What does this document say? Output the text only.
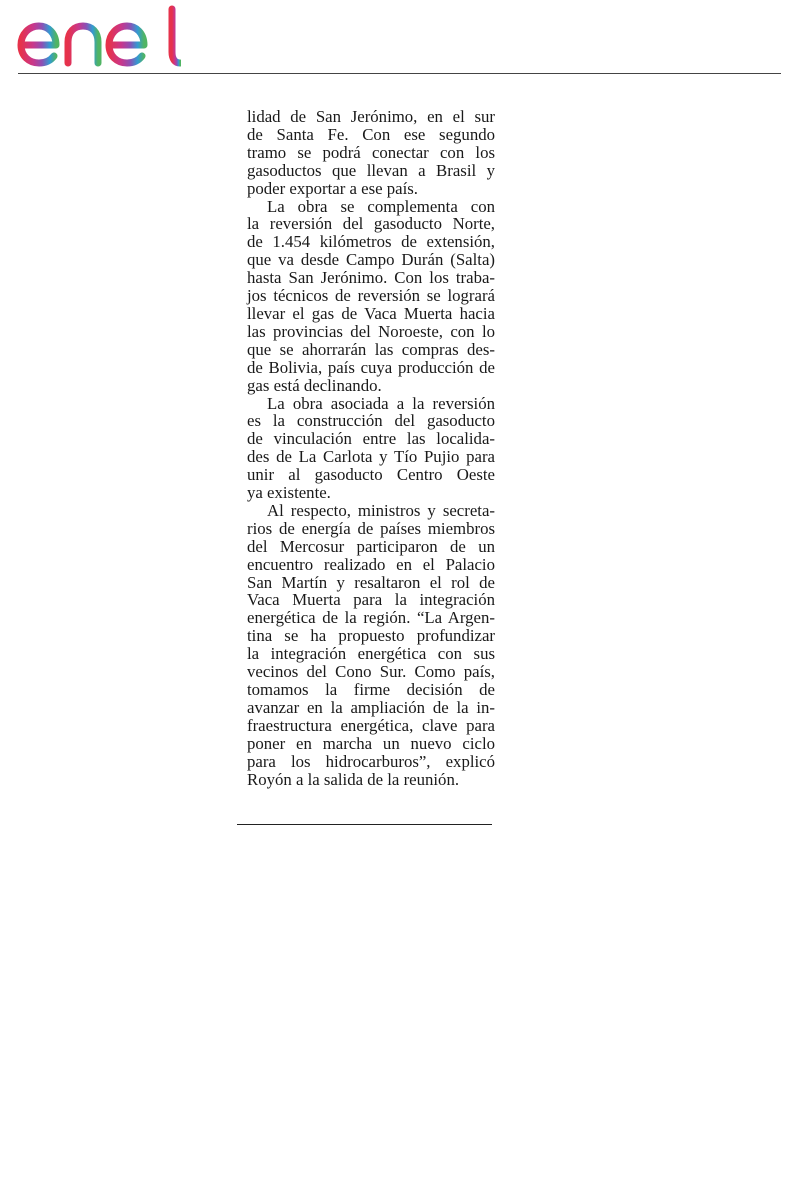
lidad de San Jerónimo, en el sur
de Santa Fe. Con ese segundo
tramo se podrá conectar con los
gasoductos que llevan a Brasil y
poder exportar a ese país.

La obra se complementa con
la reversión del gasoducto Norte,
de 1.454 kilómetros de extensión,
que va desde Campo Durán (Salta)
hasta San Jerónimo. Con los traba-
jos técnicos de reversión se logrará
llevar el gas de Vaca Muerta hacia
las provincias del Noroeste, con lo
que se ahorrarán las compras des-
de Bolivia, país cuya producción de
gas está declinando.

La obra asociada a la reversión
es la construcción del gasoducto
de vinculación entre las localida-
des de La Carlota y Tío Pujio para
unir al gasoducto Centro Oeste
ya existente.

Al respecto, ministros y secreta-
rios de energía de países miembros
del Mercosur participaron de un
encuentro realizado en el Palacio
San Martín y resaltaron el rol de
Vaca Muerta para la integración
energética de la región. “La Argen-
tina se ha propuesto profundizar
la integración energética con sus
vecinos del Cono Sur. Como país,
tomamos la firme decisión de
avanzar en la ampliación de la in-
fraestructura energética, clave para
poner en marcha un nuevo ciclo
para los hidrocarburos”, explicó
Royón a la salida de la reunión.
